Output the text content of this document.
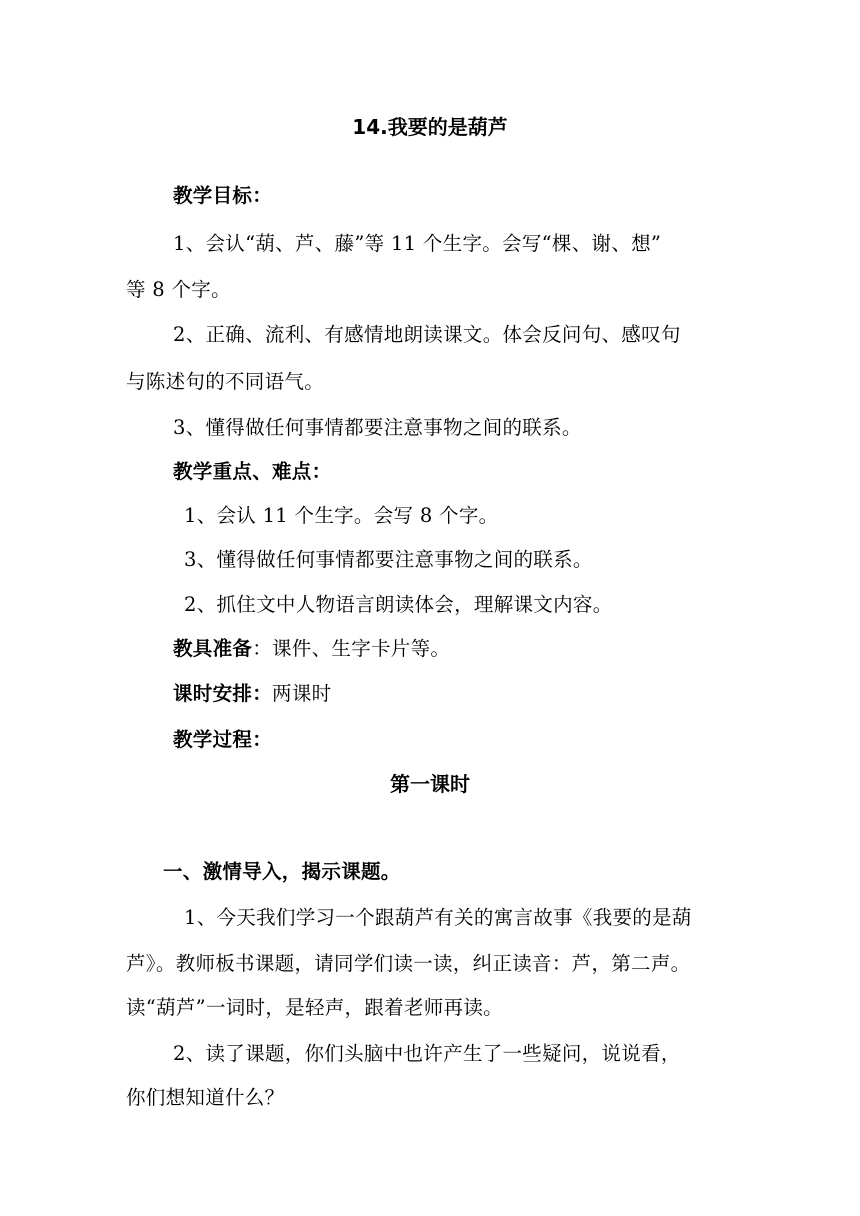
14.我要的是葫芦
教学目标：
1、会认“葫、芦、藤”等 11 个生字。会写“棵、谢、想”
等 8 个字。
2、正确、流利、有感情地朗读课文。体会反问句、感叹句
与陈述句的不同语气。
3、懂得做任何事情都要注意事物之间的联系。
教学重点、难点：
1、会认 11 个生字。会写 8 个字。
3、懂得做任何事情都要注意事物之间的联系。
2、抓住文中人物语言朗读体会，理解课文内容。
教具准备：课件、生字卡片等。
课时安排：两课时
教学过程：
第一课时
一、激情导入，揭示课题。
1、今天我们学习一个跟葫芦有关的寓言故事《我要的是葫
芦》。教师板书课题，请同学们读一读，纠正读音：芦，第二声。
读“葫芦”一词时，是轻声，跟着老师再读。
2、读了课题，你们头脑中也许产生了一些疑问，说说看，
你们想知道什么？
